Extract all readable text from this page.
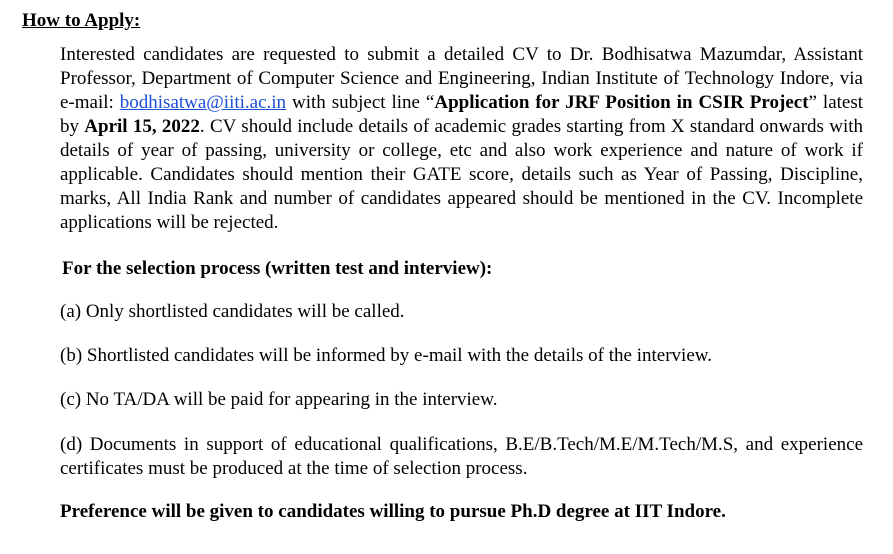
How to Apply:

Interested candidates are requested to submit a detailed CV to Dr. Bodhisatwa Mazumdar, Assistant Professor, Department of Computer Science and Engineering, Indian Institute of Technology Indore, via e-mail: bodhisatwa@iiti.ac.in with subject line “Application for JRF Position in CSIR Project” latest by April 15, 2022. CV should include details of academic grades starting from X standard onwards with details of year of passing, university or college, etc and also work experience and nature of work if applicable. Candidates should mention their GATE score, details such as Year of Passing, Discipline, marks, All India Rank and number of candidates appeared should be mentioned in the CV. Incomplete applications will be rejected.

For the selection process (written test and interview):

(a) Only shortlisted candidates will be called.

(b) Shortlisted candidates will be informed by e-mail with the details of the interview.

(c) No TA/DA will be paid for appearing in the interview.

(d) Documents in support of educational qualifications, B.E/B.Tech/M.E/M.Tech/M.S, and experience certificates must be produced at the time of selection process.

Preference will be given to candidates willing to pursue Ph.D degree at IIT Indore.
